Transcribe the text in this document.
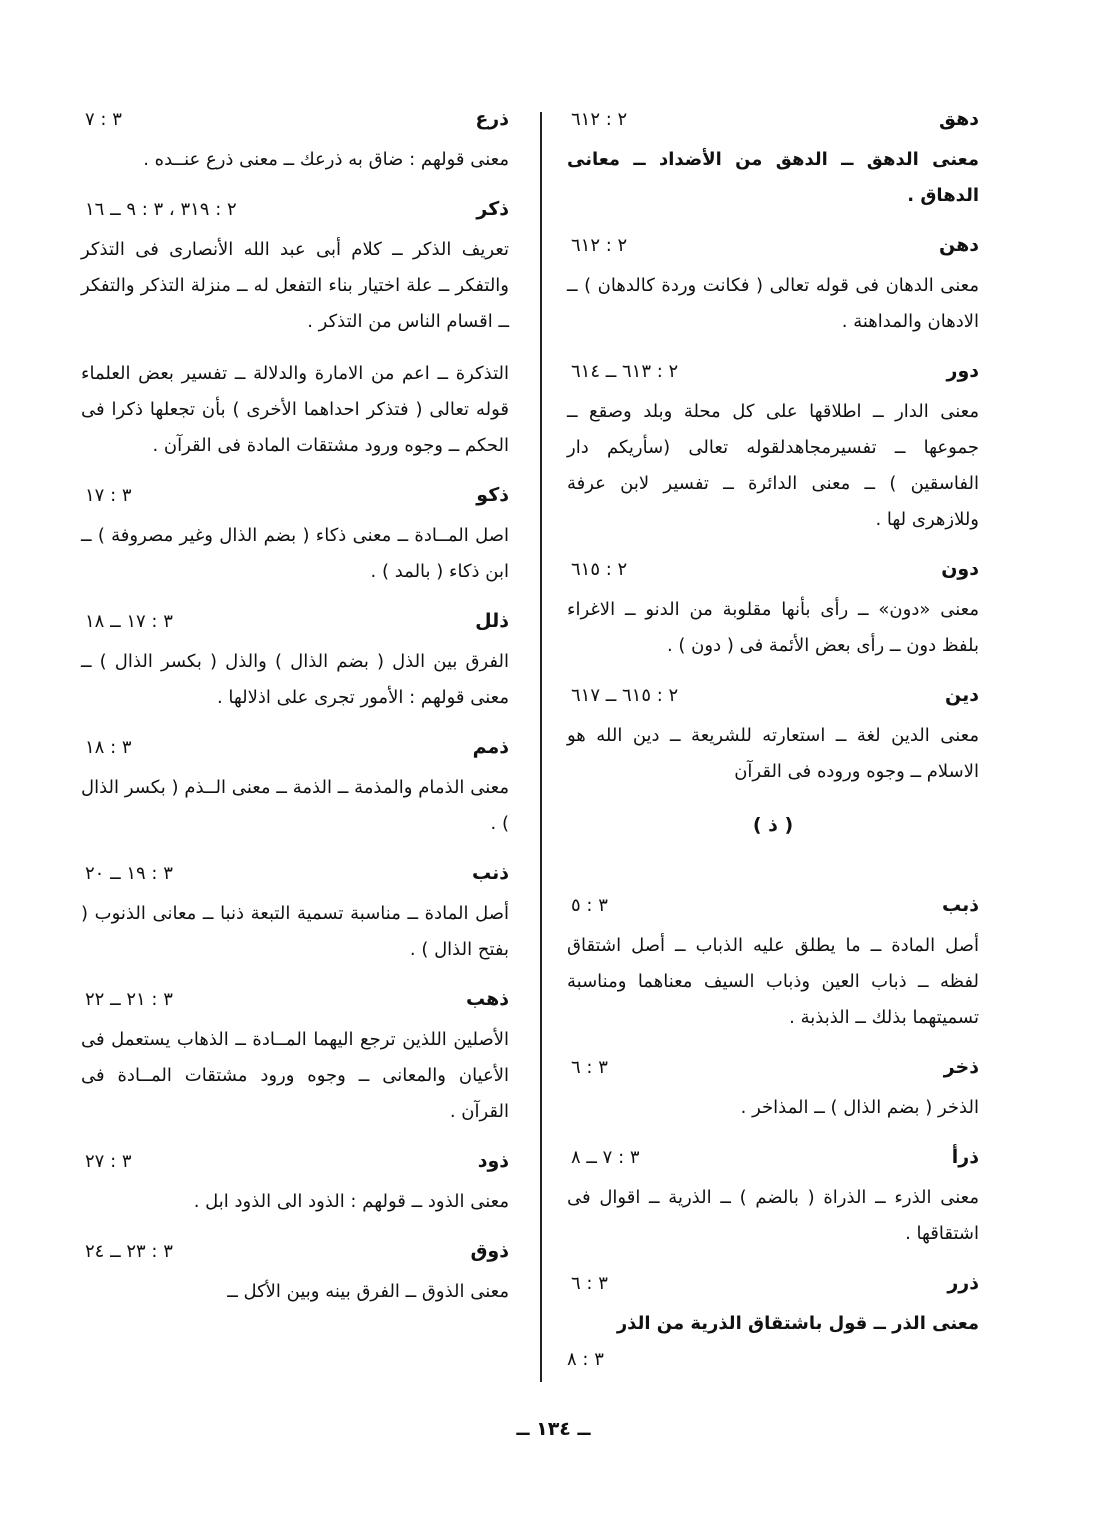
دهق
٢ : ٦١٢
معنى الدهق ــ الدهق من الأضداد ــ معانى الدهاق .
دهن
٢ : ٦١٢
معنى الدهان فى قوله تعالى ( فكانت وردة كالدهان ) ــ الادهان والمداهنة .
دور
٢ : ٦١٣ ــ ٦١٤
معنى الدار ــ اطلاقها على كل محلة وبلد وصقع ــ جموعها ــ تفسيرمجاهدلقوله تعالى (سأريكم دار الفاسقين ) ــ معنى الدائرة ــ تفسير لابن عرفة وللازهرى لها .
دون
٢ : ٦١٥
معنى «دون» ــ رأى بأنها مقلوبة من الدنو ــ الاغراء بلفظ دون ــ رأى بعض الأئمة فى ( دون ) .
دين
٢ : ٦١٥ ــ ٦١٧
معنى الدين لغة ــ استعارته للشريعة ــ دين الله هو الاسلام ــ وجوه وروده فى القرآن
( ذ )
ذبب
٣ : ٥
أصل المادة ــ ما يطلق عليه الذباب ــ أصل اشتقاق لفظه ــ ذباب العين وذباب السيف معناهما ومناسبة تسميتهما بذلك ــ الذبذبة .
ذخر
٣ : ٦
الذخر ( بضم الذال ) ــ المذاخر .
ذرأ
٣ : ٧ ــ ٨
معنى الذرء ــ الذراة ( بالضم ) ــ الذرية ــ اقوال فى اشتقاقها .
ذرر
٣ : ٦
معنى الذر ــ قول باشتقاق الذرية من الذر
٣ : ٨
ذرع
٣ : ٧
معنى قولهم : ضاق به ذرعك ــ معنى ذرع عنــده .
ذكر
٢ : ٣١٩ ، ٣ : ٩ ــ ١٦
تعريف الذكر ــ كلام أبى عبد الله الأنصارى فى التذكر والتفكر ــ علة اختيار بناء التفعل له ــ منزلة التذكر والتفكر ــ اقسام الناس من التذكر .
التذكرة ــ اعم من الامارة والدلالة ــ تفسير بعض العلماء قوله تعالى ( فتذكر احداهما الأخرى ) بأن تجعلها ذكرا فى الحكم ــ وجوه ورود مشتقات المادة فى القرآن .
ذكو
٣ : ١٧
اصل المــادة ــ معنى ذكاء ( بضم الذال وغير مصروفة ) ــ ابن ذكاء ( بالمد ) .
ذلل
٣ : ١٧ ــ ١٨
الفرق بين الذل ( بضم الذال ) والذل ( بكسر الذال ) ــ معنى قولهم : الأمور تجرى على اذلالها .
ذمم
٣ : ١٨
معنى الذمام والمذمة ــ الذمة ــ معنى الــذم ( بكسر الذال ) .
ذنب
٣ : ١٩ ــ ٢٠
أصل المادة ــ مناسبة تسمية التبعة ذنبا ــ معانى الذنوب ( بفتح الذال ) .
ذهب
٣ : ٢١ ــ ٢٢
الأصلين اللذين ترجع اليهما المــادة ــ الذهاب يستعمل فى الأعيان والمعانى ــ وجوه ورود مشتقات المــادة فى القرآن .
ذود
٣ : ٢٧
معنى الذود ــ قولهم : الذود الى الذود ابل .
ذوق
٣ : ٢٣ ــ ٢٤
معنى الذوق ــ الفرق بينه وبين الأكل ــ
ــ ١٣٤ ــ
